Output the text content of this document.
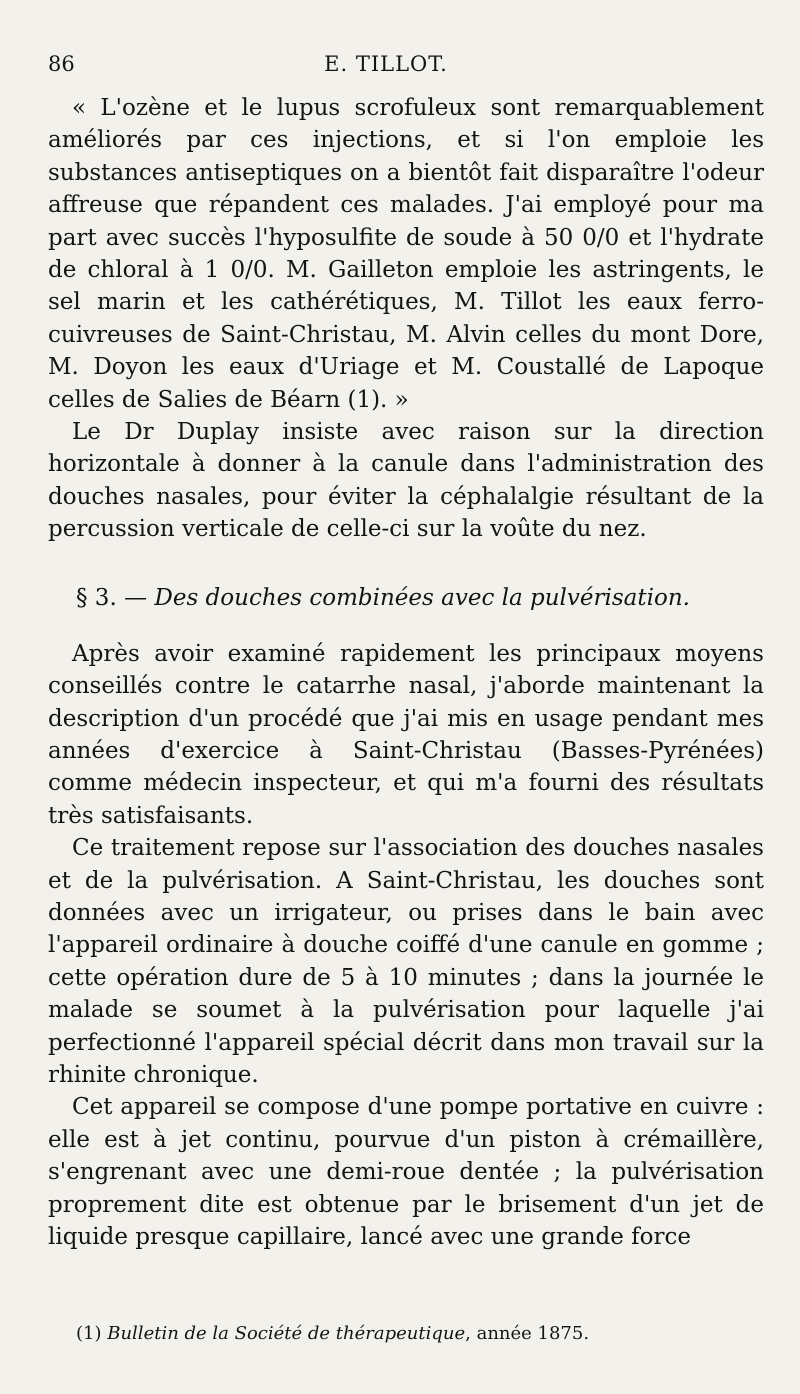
86	E. TILLOT.

« L'ozène et le lupus scrofuleux sont remarquablement améliorés par ces injections, et si l'on emploie les substances antiseptiques on a bientôt fait disparaître l'odeur affreuse que répandent ces malades. J'ai employé pour ma part avec succès l'hyposulfite de soude à 50 0/0 et l'hydrate de chloral à 1 0/0. M. Gailleton emploie les astringents, le sel marin et les cathérétiques, M. Tillot les eaux ferro-cuivreuses de Saint-Christau, M. Alvin celles du mont Dore, M. Doyon les eaux d'Uriage et M. Coustallé de Lapoque celles de Salies de Béarn (1). »

Le Dr Duplay insiste avec raison sur la direction horizontale à donner à la canule dans l'administration des douches nasales, pour éviter la céphalalgie résultant de la percussion verticale de celle-ci sur la voûte du nez.

§ 3. — Des douches combinées avec la pulvérisation.

Après avoir examiné rapidement les principaux moyens conseillés contre le catarrhe nasal, j'aborde maintenant la description d'un procédé que j'ai mis en usage pendant mes années d'exercice à Saint-Christau (Basses-Pyrénées) comme médecin inspecteur, et qui m'a fourni des résultats très satisfaisants.

Ce traitement repose sur l'association des douches nasales et de la pulvérisation. A Saint-Christau, les douches sont données avec un irrigateur, ou prises dans le bain avec l'appareil ordinaire à douche coiffé d'une canule en gomme ; cette opération dure de 5 à 10 minutes ; dans la journée le malade se soumet à la pulvérisation pour laquelle j'ai perfectionné l'appareil spécial décrit dans mon travail sur la rhinite chronique.

Cet appareil se compose d'une pompe portative en cuivre : elle est à jet continu, pourvue d'un piston à crémaillère, s'engrenant avec une demi-roue dentée ; la pulvérisation proprement dite est obtenue par le brisement d'un jet de liquide presque capillaire, lancé avec une grande force

(1) Bulletin de la Société de thérapeutique, année 1875.
